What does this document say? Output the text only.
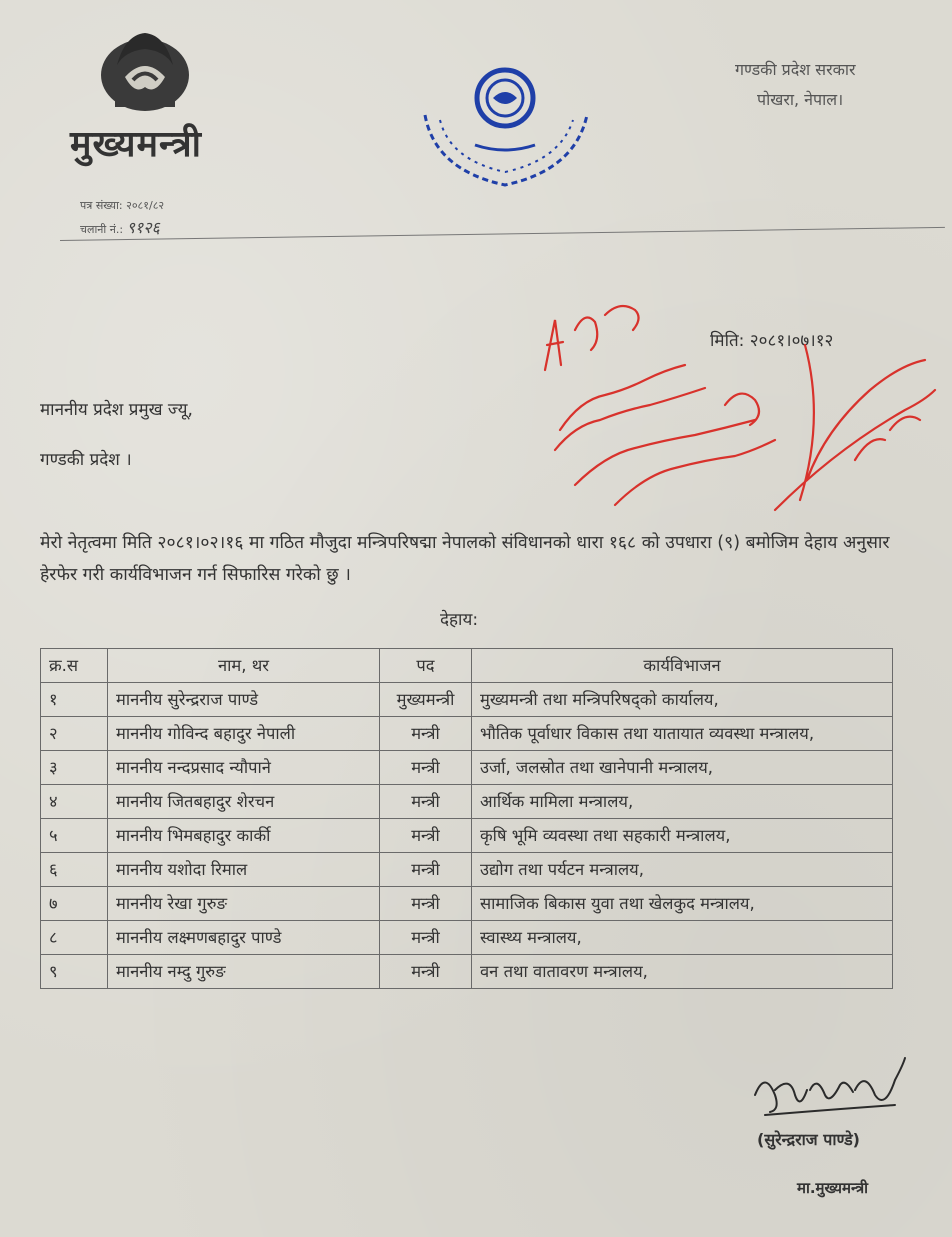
मुख्यमन्त्री
गण्डकी प्रदेश सरकार
पोखरा, नेपाल।
पत्र संख्या: २०८१/८२
चलानी नं.: ९१२६
मिति: २०८१।०७।१२
माननीय प्रदेश प्रमुख ज्यू,
गण्डकी प्रदेश ।
मेरो नेतृत्वमा मिति २०८१।०२।१६ मा गठित मौजुदा मन्त्रिपरिषद्मा नेपालको संविधानको धारा १६८ को उपधारा (९) बमोजिम देहाय अनुसार हेरफेर गरी कार्यविभाजन गर्न सिफारिस गरेको छु ।
देहाय:
क्र.स	नाम, थर	पद	कार्यविभाजन
१	माननीय सुरेन्द्रराज पाण्डे	मुख्यमन्त्री	मुख्यमन्त्री तथा मन्त्रिपरिषद्को कार्यालय,
२	माननीय गोविन्द बहादुर नेपाली	मन्त्री	भौतिक पूर्वाधार विकास तथा यातायात व्यवस्था मन्त्रालय,
३	माननीय नन्दप्रसाद न्यौपाने	मन्त्री	उर्जा, जलस्रोत तथा खानेपानी मन्त्रालय,
४	माननीय जितबहादुर शेरचन	मन्त्री	आर्थिक मामिला मन्त्रालय,
५	माननीय भिमबहादुर कार्की	मन्त्री	कृषि भूमि व्यवस्था तथा सहकारी मन्त्रालय,
६	माननीय यशोदा रिमाल	मन्त्री	उद्योग तथा पर्यटन मन्त्रालय,
७	माननीय रेखा गुरुङ	मन्त्री	सामाजिक बिकास युवा तथा खेलकुद मन्त्रालय,
८	माननीय लक्ष्मणबहादुर पाण्डे	मन्त्री	स्वास्थ्य मन्त्रालय,
९	माननीय नम्दु गुरुङ	मन्त्री	वन तथा वातावरण मन्त्रालय,
(सुरेन्द्रराज पाण्डे)
मा.मुख्यमन्त्री
